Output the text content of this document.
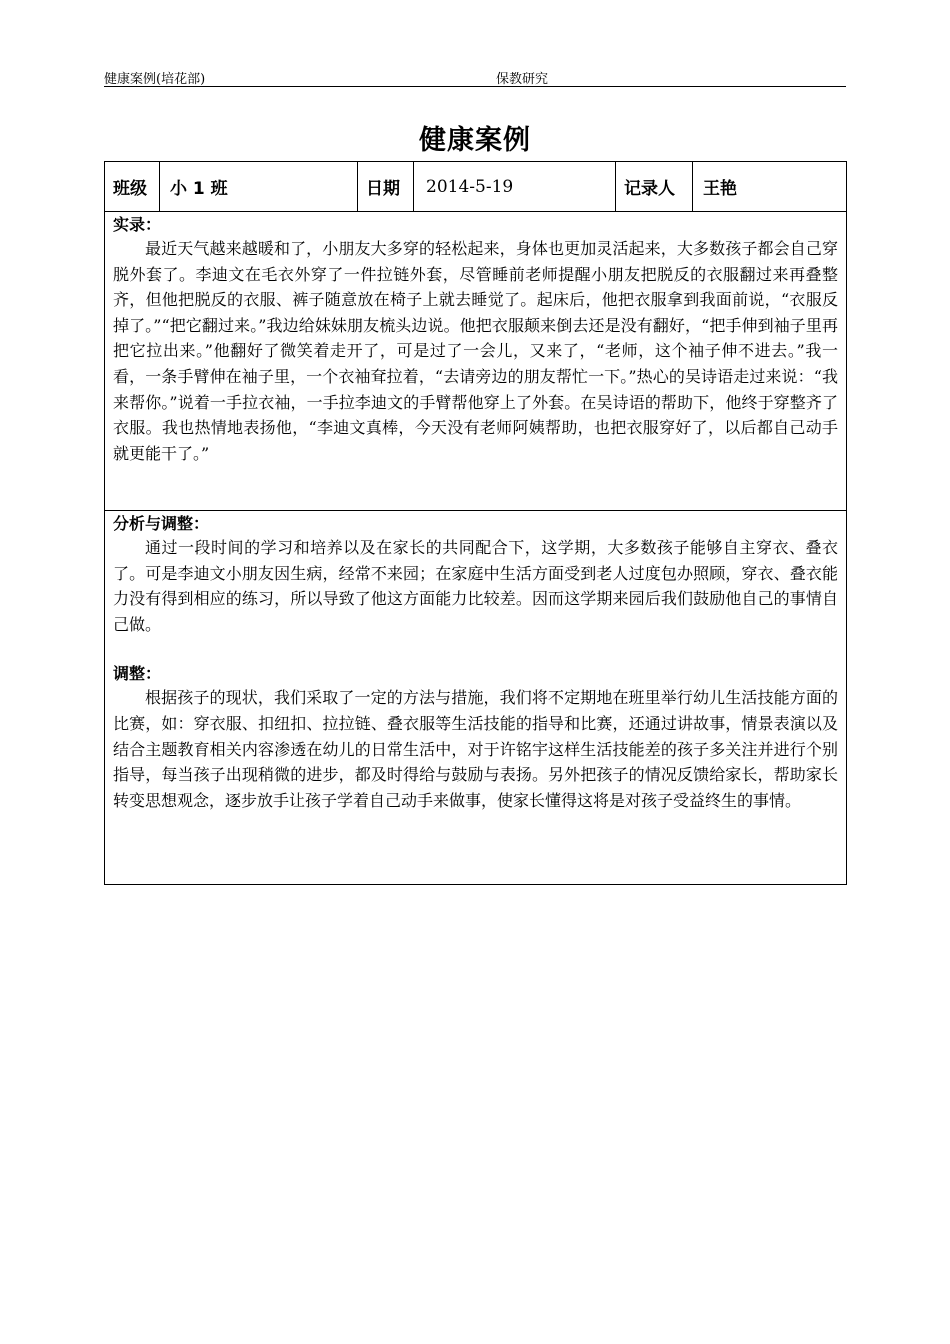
健康案例(培花部)	保教研究
健康案例
班级	小 1 班	日期	2014-5-19	记录人	王艳

实录：

最近天气越来越暖和了，小朋友大多穿的轻松起来，身体也更加灵活起来，大多数孩子都会自己穿脱外套了。李迪文在毛衣外穿了一件拉链外套，尽管睡前老师提醒小朋友把脱反的衣服翻过来再叠整齐，但他把脱反的衣服、裤子随意放在椅子上就去睡觉了。起床后，他把衣服拿到我面前说，“衣服反掉了。”“把它翻过来。”我边给妹妹朋友梳头边说。他把衣服颠来倒去还是没有翻好，“把手伸到袖子里再把它拉出来。”他翻好了微笑着走开了，可是过了一会儿，又来了，“老师，这个袖子伸不进去。”我一看，一条手臂伸在袖子里，一个衣袖耷拉着，“去请旁边的朋友帮忙一下。”热心的吴诗语走过来说：“我来帮你。”说着一手拉衣袖，一手拉李迪文的手臂帮他穿上了外套。在吴诗语的帮助下，他终于穿整齐了衣服。我也热情地表扬他，“李迪文真棒，今天没有老师阿姨帮助，也把衣服穿好了，以后都自己动手就更能干了。”

分析与调整：

通过一段时间的学习和培养以及在家长的共同配合下，这学期，大多数孩子能够自主穿衣、叠衣了。可是李迪文小朋友因生病，经常不来园；在家庭中生活方面受到老人过度包办照顾，穿衣、叠衣能力没有得到相应的练习，所以导致了他这方面能力比较差。因而这学期来园后我们鼓励他自己的事情自己做。

调整：

根据孩子的现状，我们采取了一定的方法与措施，我们将不定期地在班里举行幼儿生活技能方面的比赛，如：穿衣服、扣纽扣、拉拉链、叠衣服等生活技能的指导和比赛，还通过讲故事，情景表演以及结合主题教育相关内容渗透在幼儿的日常生活中，对于许铭宇这样生活技能差的孩子多关注并进行个别指导，每当孩子出现稍微的进步，都及时得给与鼓励与表扬。另外把孩子的情况反馈给家长，帮助家长转变思想观念，逐步放手让孩子学着自己动手来做事，使家长懂得这将是对孩子受益终生的事情。
